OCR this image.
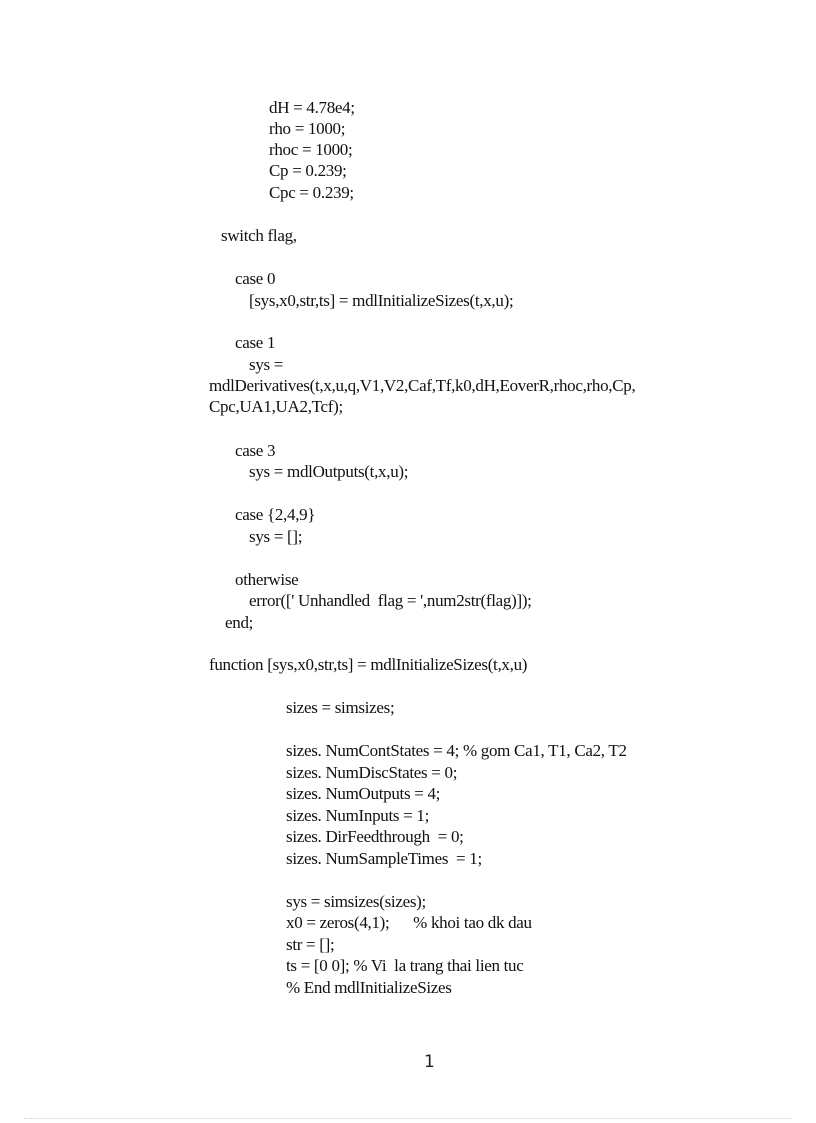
dH = 4.78e4;
rho = 1000;
rhoc = 1000;
Cp = 0.239;
Cpc = 0.239;
switch flag,
case 0
[sys,x0,str,ts] = mdlInitializeSizes(t,x,u);
case 1
sys =
mdlDerivatives(t,x,u,q,V1,V2,Caf,Tf,k0,dH,EoverR,rhoc,rho,Cp,
Cpc,UA1,UA2,Tcf);
case 3
sys = mdlOutputs(t,x,u);
case {2,4,9}
sys = [];
otherwise
error([' Unhandled  flag = ',num2str(flag)]);
end;
function [sys,x0,str,ts] = mdlInitializeSizes(t,x,u)
sizes = simsizes;
sizes. NumContStates = 4; % gom Ca1, T1, Ca2, T2
sizes. NumDiscStates = 0;
sizes. NumOutputs = 4;
sizes. NumInputs = 1;
sizes. DirFeedthrough  = 0;
sizes. NumSampleTimes  = 1;
sys = simsizes(sizes);
x0 = zeros(4,1);      % khoi tao dk dau
str = [];
ts = [0 0]; % Vi  la trang thai lien tuc
% End mdlInitializeSizes
1
